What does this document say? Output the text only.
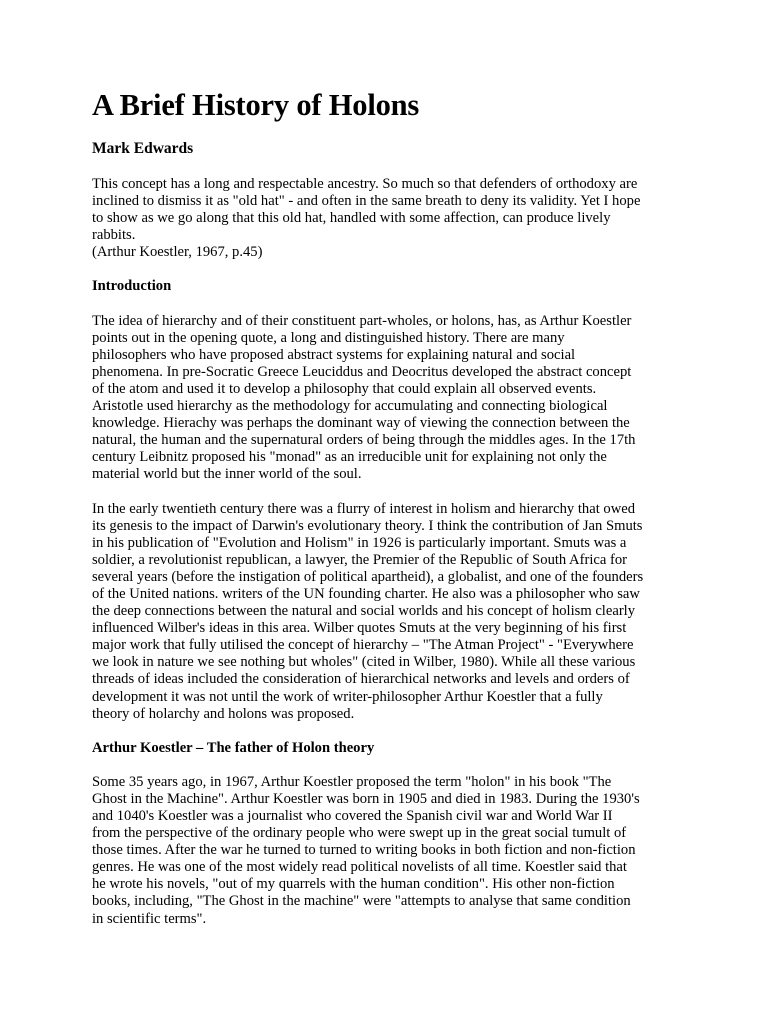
A Brief History of Holons
Mark Edwards

This concept has a long and respectable ancestry. So much so that defenders of orthodoxy are
inclined to dismiss it as "old hat" - and often in the same breath to deny its validity. Yet I hope
to show as we go along that this old hat, handled with some affection, can produce lively
rabbits.
(Arthur Koestler, 1967, p.45)

Introduction

The idea of hierarchy and of their constituent part-wholes, or holons, has, as Arthur Koestler
points out in the opening quote, a long and distinguished history. There are many
philosophers who have proposed abstract systems for explaining natural and social
phenomena. In pre-Socratic Greece Leuciddus and Deocritus developed the abstract concept
of the atom and used it to develop a philosophy that could explain all observed events.
Aristotle used hierarchy as the methodology for accumulating and connecting biological
knowledge. Hierachy was perhaps the dominant way of viewing the connection between the
natural, the human and the supernatural orders of being through the middles ages. In the 17th
century Leibnitz proposed his "monad" as an irreducible unit for explaining not only the
material world but the inner world of the soul.

In the early twentieth century there was a flurry of interest in holism and hierarchy that owed
its genesis to the impact of Darwin's evolutionary theory. I think the contribution of Jan Smuts
in his publication of "Evolution and Holism" in 1926 is particularly important. Smuts was a
soldier, a revolutionist republican, a lawyer, the Premier of the Republic of South Africa for
several years (before the instigation of political apartheid), a globalist, and one of the founders
of the United nations. writers of the UN founding charter. He also was a philosopher who saw
the deep connections between the natural and social worlds and his concept of holism clearly
influenced Wilber's ideas in this area. Wilber quotes Smuts at the very beginning of his first
major work that fully utilised the concept of hierarchy – "The Atman Project" - "Everywhere
we look in nature we see nothing but wholes" (cited in Wilber, 1980). While all these various
threads of ideas included the consideration of hierarchical networks and levels and orders of
development it was not until the work of writer-philosopher Arthur Koestler that a fully
theory of holarchy and holons was proposed.

Arthur Koestler – The father of Holon theory

Some 35 years ago, in 1967, Arthur Koestler proposed the term "holon" in his book "The
Ghost in the Machine". Arthur Koestler was born in 1905 and died in 1983. During the 1930's
and 1040's Koestler was a journalist who covered the Spanish civil war and World War II
from the perspective of the ordinary people who were swept up in the great social tumult of
those times. After the war he turned to turned to writing books in both fiction and non-fiction
genres. He was one of the most widely read political novelists of all time. Koestler said that
he wrote his novels, "out of my quarrels with the human condition". His other non-fiction
books, including, "The Ghost in the machine" were "attempts to analyse that same condition
in scientific terms".
